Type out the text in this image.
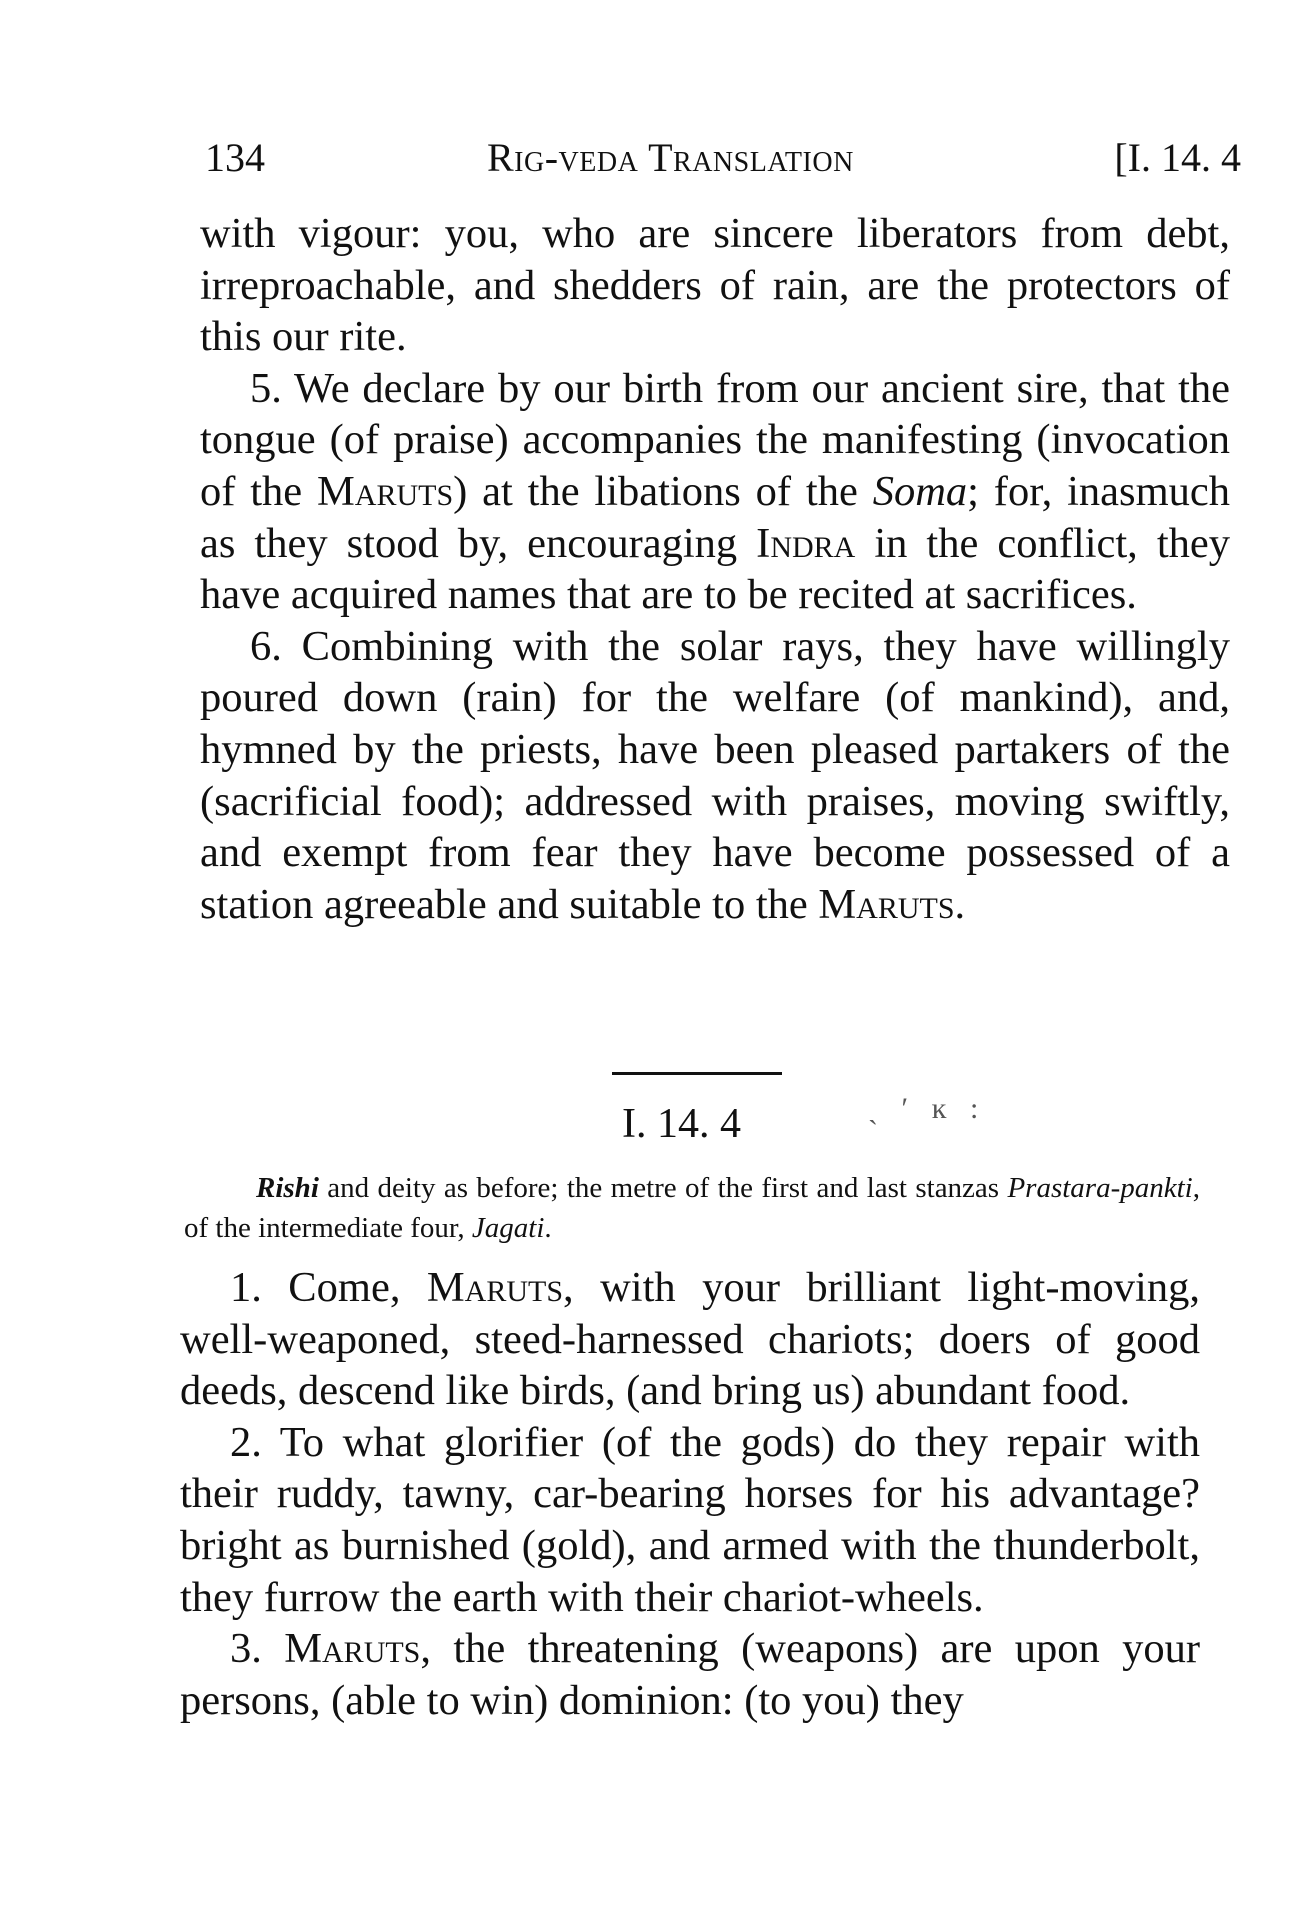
134	Rig-veda Translation	[I. 14. 4

with vigour: you, who are sincere liberators from debt, irreproachable, and shedders of rain, are the protectors of this our rite.

5. We declare by our birth from our ancient sire, that the tongue (of praise) accompanies the manifesting (invocation of the Maruts) at the libations of the Soma; for, inasmuch as they stood by, encouraging Indra in the conflict, they have acquired names that are to be recited at sacrifices.

6. Combining with the solar rays, they have willingly poured down (rain) for the welfare (of mankind), and, hymned by the priests, have been pleased partakers of the (sacrificial food); addressed with praises, moving swiftly, and exempt from fear they have become possessed of a station agreeable and suitable to the Maruts.

I. 14. 4	ˎ ′ ĸ :
Rishi and deity as before; the metre of the first and last stanzas Prastara-pankti, of the intermediate four, Jagati.

1. Come, Maruts, with your brilliant light-moving, well-weaponed, steed-harnessed chariots; doers of good deeds, descend like birds, (and bring us) abundant food.

2. To what glorifier (of the gods) do they repair with their ruddy, tawny, car-bearing horses for his advantage? bright as burnished (gold), and armed with the thunderbolt, they furrow the earth with their chariot-wheels.

3. Maruts, the threatening (weapons) are upon your persons, (able to win) dominion: (to you) they
